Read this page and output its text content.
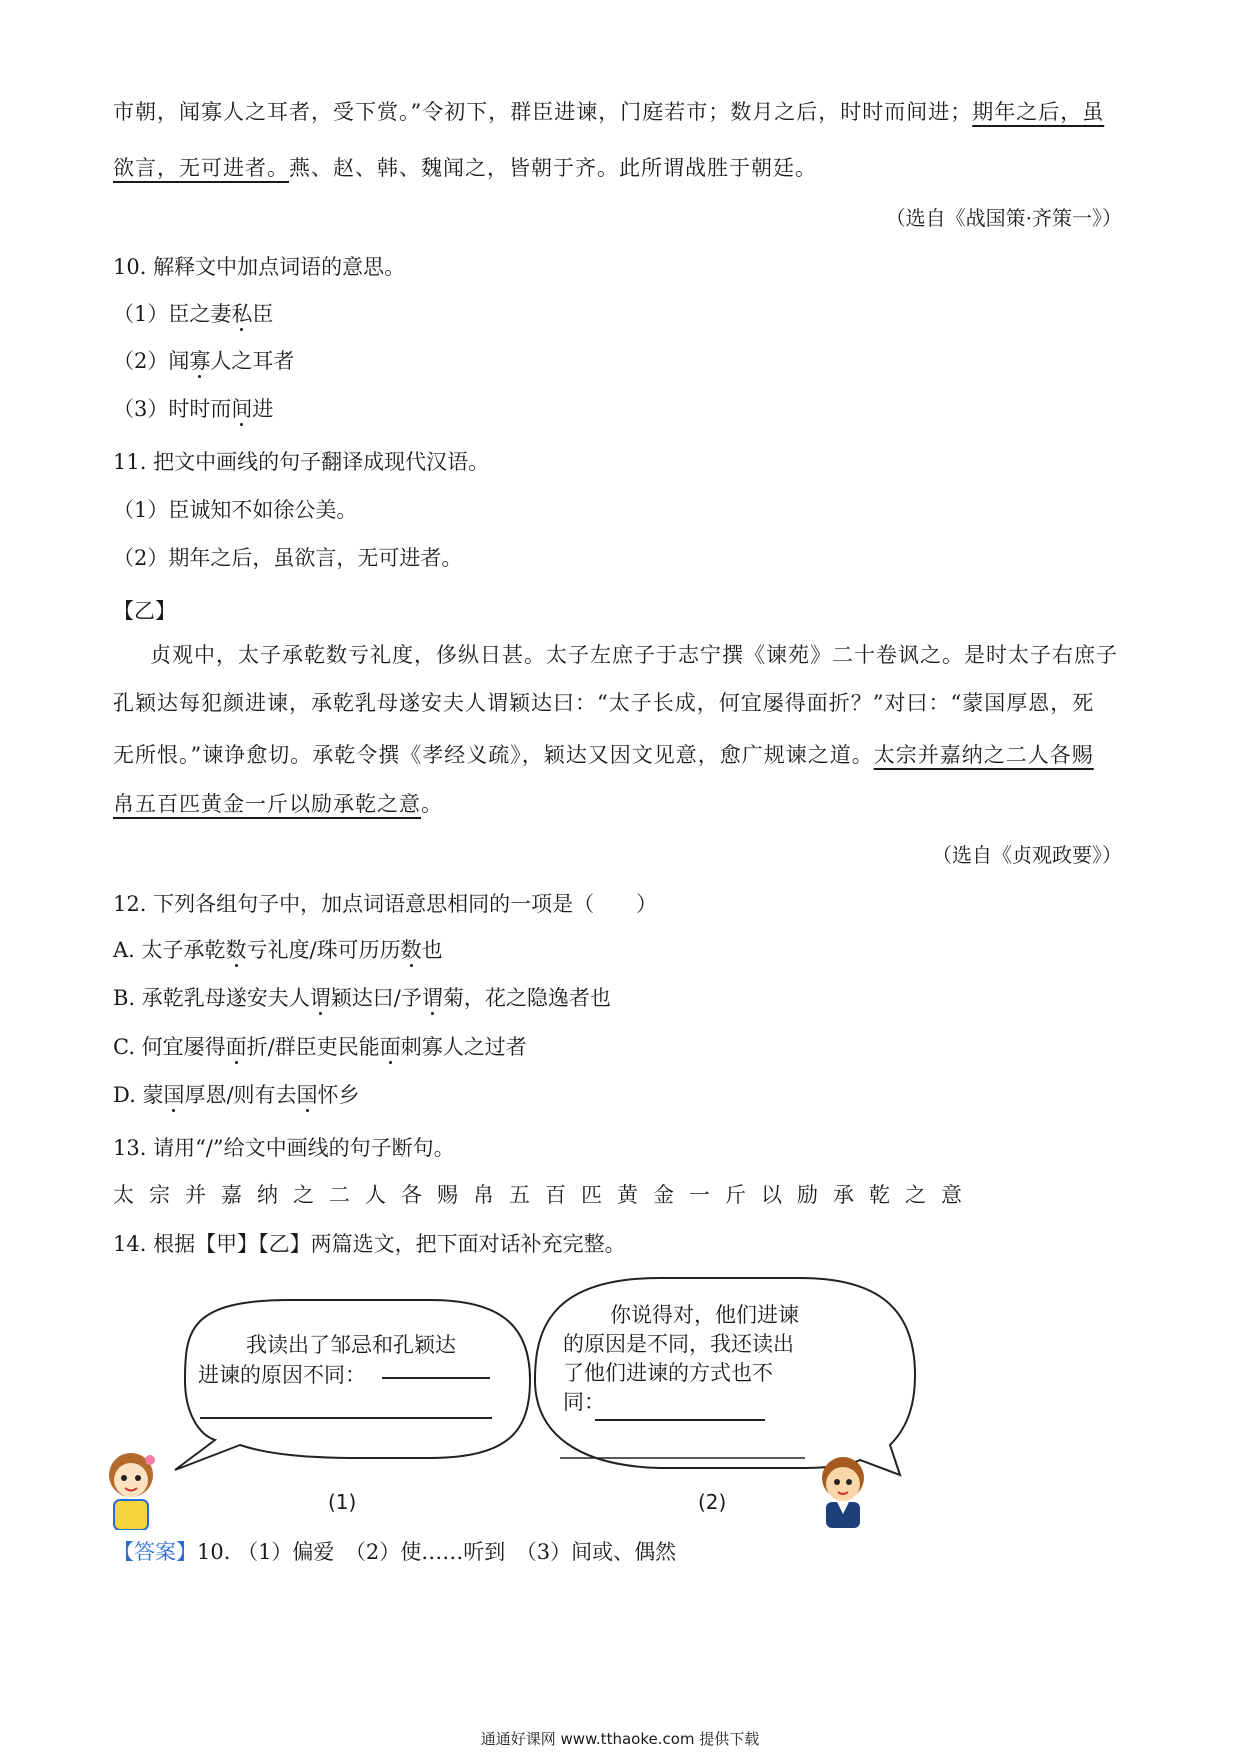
市朝，闻寡人之耳者，受下赏。”令初下，群臣进谏，门庭若市；数月之后，时时而间进；期年之后，虽
欲言，无可进者。燕、赵、韩、魏闻之，皆朝于齐。此所谓战胜于朝廷。
（选自《战国策·齐策一》）
10. 解释文中加点词语的意思。
（1）臣之妻私臣
（2）闻寡人之耳者
（3）时时而间进
11. 把文中画线的句子翻译成现代汉语。
（1）臣诚知不如徐公美。
（2）期年之后，虽欲言，无可进者。
【乙】
贞观中，太子承乾数亏礼度，侈纵日甚。太子左庶子于志宁撰《谏苑》二十卷讽之。是时太子右庶子
孔颖达每犯颜进谏，承乾乳母遂安夫人谓颖达曰：“太子长成，何宜屡得面折？”对曰：“蒙国厚恩，死
无所恨。”谏诤愈切。承乾令撰《孝经义疏》，颖达又因文见意，愈广规谏之道。太宗并嘉纳之二人各赐
帛五百匹黄金一斤以励承乾之意。
（选自《贞观政要》）
12. 下列各组句子中，加点词语意思相同的一项是（　　）
A. 太子承乾数亏礼度/珠可历历数也
B. 承乾乳母遂安夫人谓颖达曰/予谓菊，花之隐逸者也
C. 何宜屡得面折/群臣吏民能面刺寡人之过者
D. 蒙国厚恩/则有去国怀乡
13. 请用“/”给文中画线的句子断句。
太宗并嘉纳之二人各赐帛五百匹黄金一斤以励承乾之意
14. 根据【甲】【乙】两篇选文，把下面对话补充完整。
我读出了邹忌和孔颖达
进谏的原因不同：
你说得对，他们进谏
的原因是不同，我还读出
了他们进谏的方式也不
同：
(1)	(2)
【答案】10. （1）偏爱　（2）使……听到　（3）间或、偶然
通通好课网 www.tthaoke.com 提供下载
